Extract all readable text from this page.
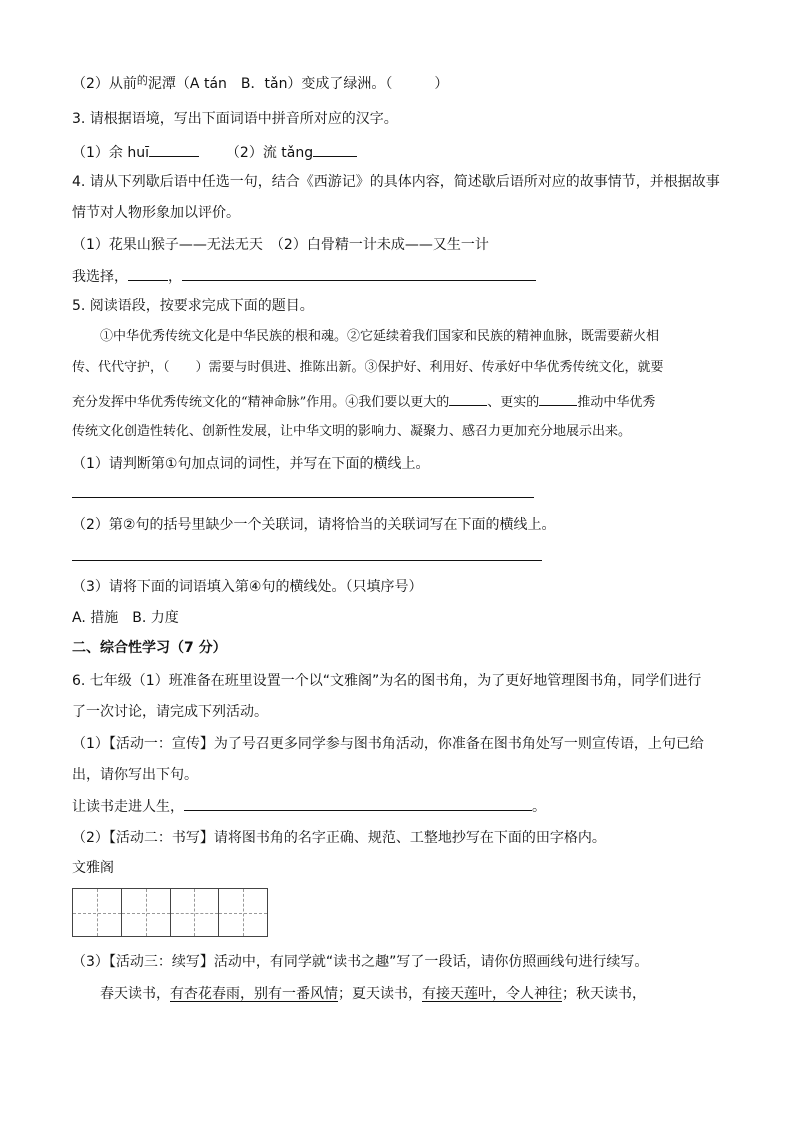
（2）从前$^的$泥潭（A tán　B．tǎn）变成了绿洲。（　　　）
3. 请根据语境，写出下面词语中拼音所对应的汉字。
（1）余 huī	（2）流 tǎng
4. 请从下列歇后语中任选一句，结合《西游记》的具体内容，简述歇后语所对应的故事情节，并根据故事
情节对人物形象加以评价。
（1）花果山猴子——无法无天　（2）白骨精一计未成——又生一计
我选择，	，
5. 阅读语段，按要求完成下面的题目。
①中华优秀传统文化是中华民族的根和魂。②它延续着我们国家和民族的精神血脉，既需要薪火相
传、代代守护，（　　）需要与时俱进、推陈出新。③保护好、利用好、传承好中华优秀传统文化，就要
充分发挥中华优秀传统文化的“精神命脉”作用。④我们要以更大的	、更实的	推动中华优秀
传统文化创造性转化、创新性发展，让中华文明的影响力、凝聚力、感召力更加充分地展示出来。
（1）请判断第①句加点词的词性，并写在下面的横线上。
（2）第②句的括号里缺少一个关联词，请将恰当的关联词写在下面的横线上。
（3）请将下面的词语填入第④句的横线处。（只填序号）
A. 措施　B. 力度
二、综合性学习（7 分）
6. 七年级（1）班准备在班里设置一个以“文雅阁”为名的图书角，为了更好地管理图书角，同学们进行
了一次讨论，请完成下列活动。
（1）【活动一：宣传】为了号召更多同学参与图书角活动，你准备在图书角处写一则宣传语，上句已给
出，请你写出下句。
让读书走进人生，	。
（2）【活动二：书写】请将图书角的名字正确、规范、工整地抄写在下面的田字格内。
文雅阁
（3）【活动三：续写】活动中，有同学就“读书之趣”写了一段话，请你仿照画线句进行续写。
春天读书，有杏花春雨，别有一番风情；夏天读书，有接天莲叶，令人神往；秋天读书，
